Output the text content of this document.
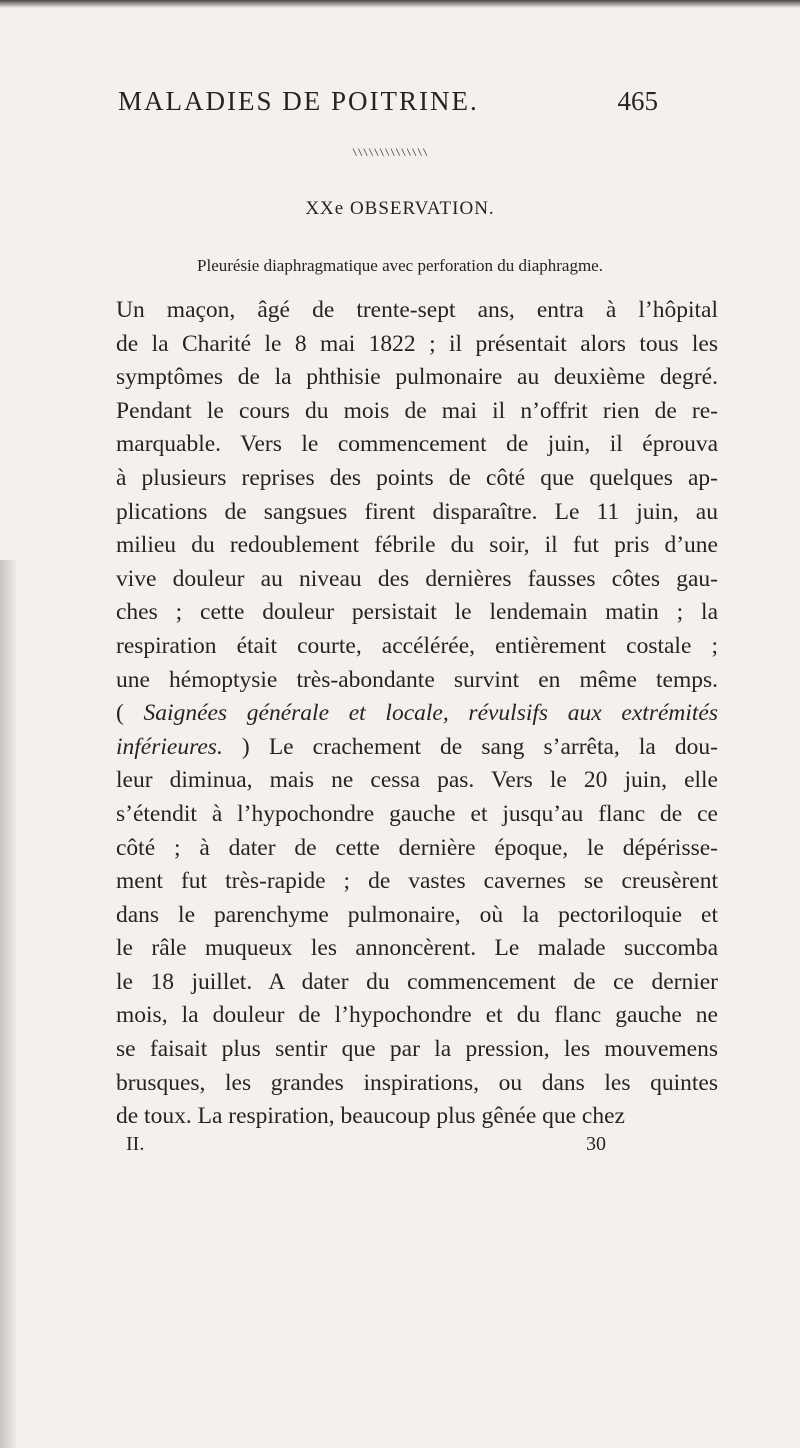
MALADIES DE POITRINE.	465
\\\\\\\\\\\\\\
XXe OBSERVATION.
Pleurésie diaphragmatique avec perforation du diaphragme.
Un maçon, âgé de trente-sept ans, entra à l’hôpital
de la Charité le 8 mai 1822 ; il présentait alors tous les
symptômes de la phthisie pulmonaire au deuxième degré.
Pendant le cours du mois de mai il n’offrit rien de re-
marquable. Vers le commencement de juin, il éprouva
à plusieurs reprises des points de côté que quelques ap-
plications de sangsues firent disparaître. Le 11 juin, au
milieu du redoublement fébrile du soir, il fut pris d’une
vive douleur au niveau des dernières fausses côtes gau-
ches ; cette douleur persistait le lendemain matin ; la
respiration était courte, accélérée, entièrement costale ;
une hémoptysie très-abondante survint en même temps.
( Saignées générale et locale, révulsifs aux extrémités
inférieures. ) Le crachement de sang s’arrêta, la dou-
leur diminua, mais ne cessa pas. Vers le 20 juin, elle
s’étendit à l’hypochondre gauche et jusqu’au flanc de ce
côté ; à dater de cette dernière époque, le dépérisse-
ment fut très-rapide ; de vastes cavernes se creusèrent
dans le parenchyme pulmonaire, où la pectoriloquie et
le râle muqueux les annoncèrent. Le malade succomba
le 18 juillet. A dater du commencement de ce dernier
mois, la douleur de l’hypochondre et du flanc gauche ne
se faisait plus sentir que par la pression, les mouvemens
brusques, les grandes inspirations, ou dans les quintes
de toux. La respiration, beaucoup plus gênée que chez
II.	30
